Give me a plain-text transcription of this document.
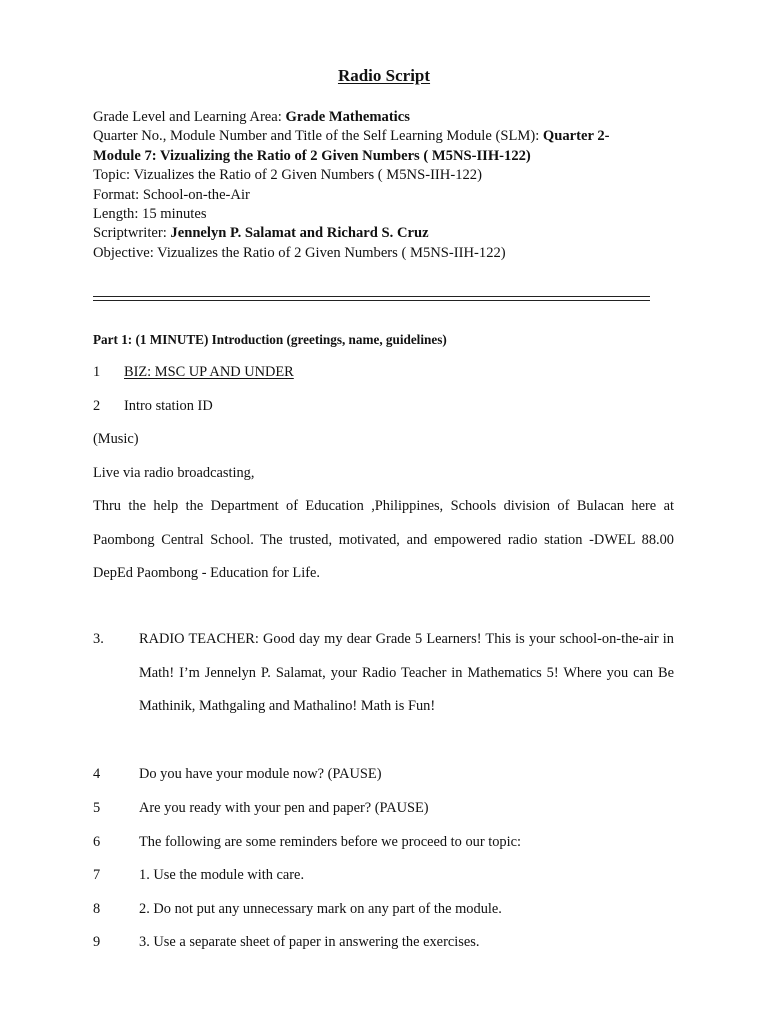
Radio Script
Grade Level and Learning Area: Grade Mathematics
Quarter No., Module Number and Title of the Self Learning Module (SLM): Quarter 2-
Module 7: Vizualizing the Ratio of 2 Given Numbers ( M5NS-IIH-122)
Topic: Vizualizes the Ratio of 2 Given Numbers ( M5NS-IIH-122)
Format: School-on-the-Air
Length: 15 minutes
Scriptwriter: Jennelyn P. Salamat and Richard S. Cruz
Objective: Vizualizes the Ratio of 2 Given Numbers ( M5NS-IIH-122)
Part 1: (1 MINUTE) Introduction (greetings, name, guidelines)
1 BIZ: MSC UP AND UNDER
2 Intro station ID
(Music)
Live via radio broadcasting,
Thru the help the Department of Education ,Philippines, Schools division of Bulacan here at Paombong Central School. The trusted, motivated, and empowered radio station -DWEL 88.00 DepEd Paombong - Education for Life.
3. RADIO TEACHER: Good day my dear Grade 5 Learners! This is your school-on-the-air in Math! I’m Jennelyn P. Salamat, your Radio Teacher in Mathematics 5! Where you can Be Mathinik, Mathgaling and Mathalino! Math is Fun!
4	Do you have your module now? (PAUSE)
5	Are you ready with your pen and paper? (PAUSE)
6	The following are some reminders before we proceed to our topic:
7	1. Use the module with care.
8	2. Do not put any unnecessary mark on any part of the module.
9	3. Use a separate sheet of paper in answering the exercises.
